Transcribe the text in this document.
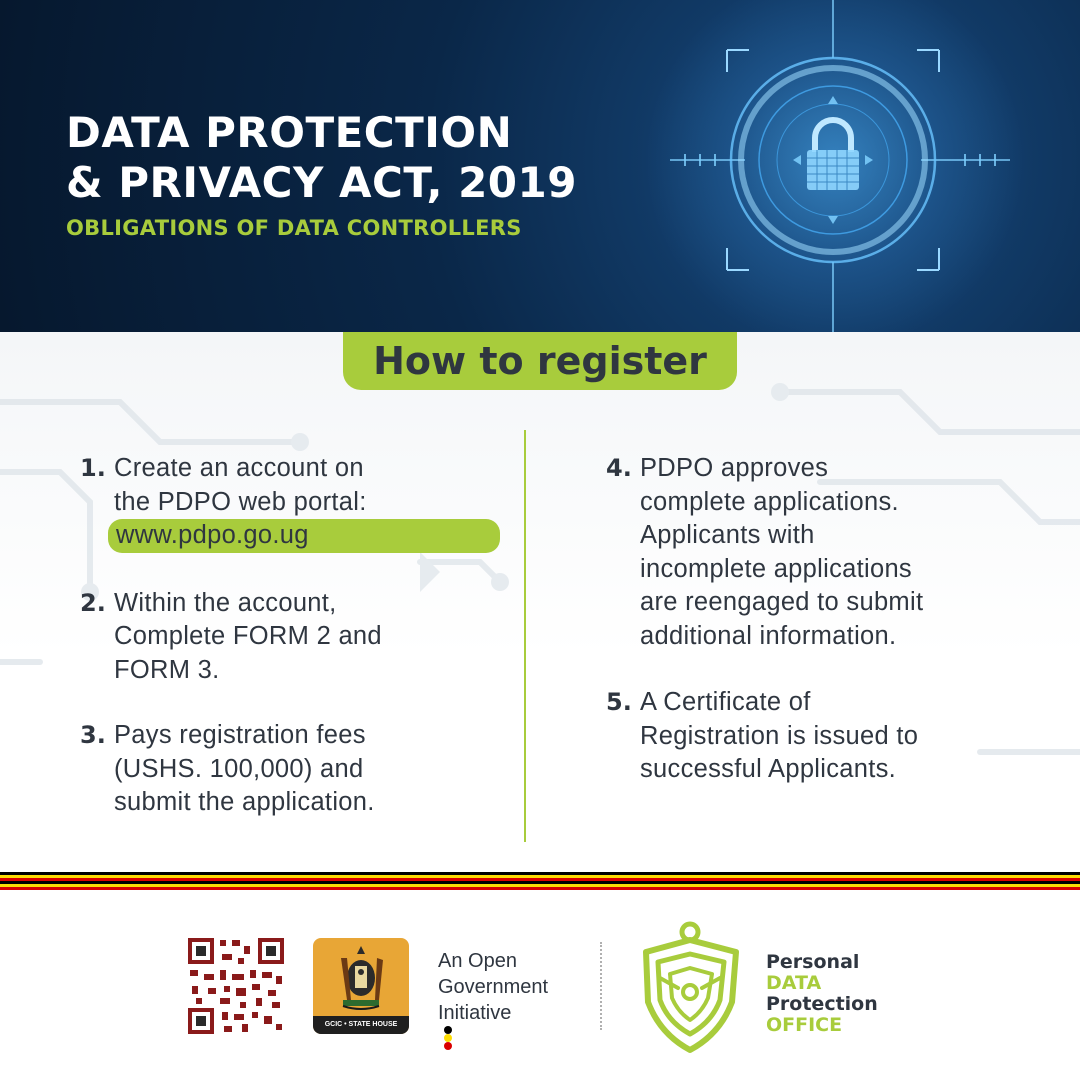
DATA PROTECTION
& PRIVACY ACT, 2019

OBLIGATIONS OF DATA CONTROLLERS

How to register
1. Create an account on
the PDPO web portal:
www.pdpo.go.ug
2. Within the account,
Complete FORM 2 and
FORM 3.
3. Pays registration fees
(USHS. 100,000) and
submit the application.
4. PDPO approves
complete applications.
Applicants with
incomplete applications
are reengaged to submit
additional information.
5. A Certificate of
Registration is issued to
successful Applicants.
GCIC • STATE HOUSE
An Open
Government
Initiative
Personal
DATA
Protection
OFFICE
